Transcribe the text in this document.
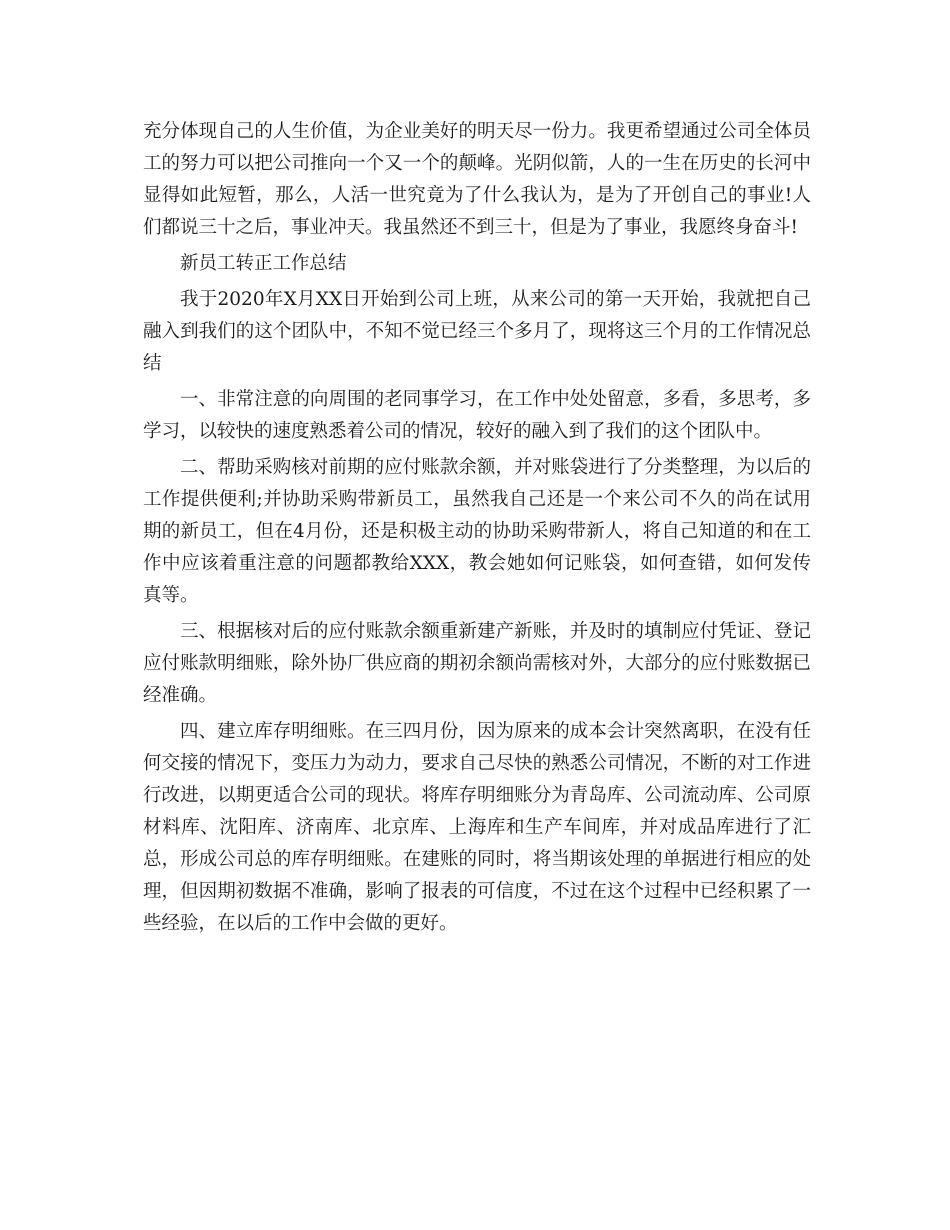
充分体现自己的人生价值，为企业美好的明天尽一份力。我更希望通过公司全体员工的努力可以把公司推向一个又一个的颠峰。光阴似箭，人的一生在历史的长河中显得如此短暂，那么，人活一世究竟为了什么我认为，是为了开创自己的事业!人们都说三十之后，事业冲天。我虽然还不到三十，但是为了事业，我愿终身奋斗!

新员工转正工作总结

我于2020年X月XX日开始到公司上班，从来公司的第一天开始，我就把自己融入到我们的这个团队中，不知不觉已经三个多月了，现将这三个月的工作情况总结

一、非常注意的向周围的老同事学习，在工作中处处留意，多看，多思考，多学习，以较快的速度熟悉着公司的情况，较好的融入到了我们的这个团队中。

二、帮助采购核对前期的应付账款余额，并对账袋进行了分类整理，为以后的工作提供便利;并协助采购带新员工，虽然我自己还是一个来公司不久的尚在试用期的新员工，但在4月份，还是积极主动的协助采购带新人，将自己知道的和在工作中应该着重注意的问题都教给XXX，教会她如何记账袋，如何查错，如何发传真等。

三、根据核对后的应付账款余额重新建产新账，并及时的填制应付凭证、登记应付账款明细账，除外协厂供应商的期初余额尚需核对外，大部分的应付账数据已经准确。

四、建立库存明细账。在三四月份，因为原来的成本会计突然离职，在没有任何交接的情况下，变压力为动力，要求自己尽快的熟悉公司情况，不断的对工作进行改进，以期更适合公司的现状。将库存明细账分为青岛库、公司流动库、公司原材料库、沈阳库、济南库、北京库、上海库和生产车间库，并对成品库进行了汇总，形成公司总的库存明细账。在建账的同时，将当期该处理的单据进行相应的处理，但因期初数据不准确，影响了报表的可信度，不过在这个过程中已经积累了一些经验，在以后的工作中会做的更好。
